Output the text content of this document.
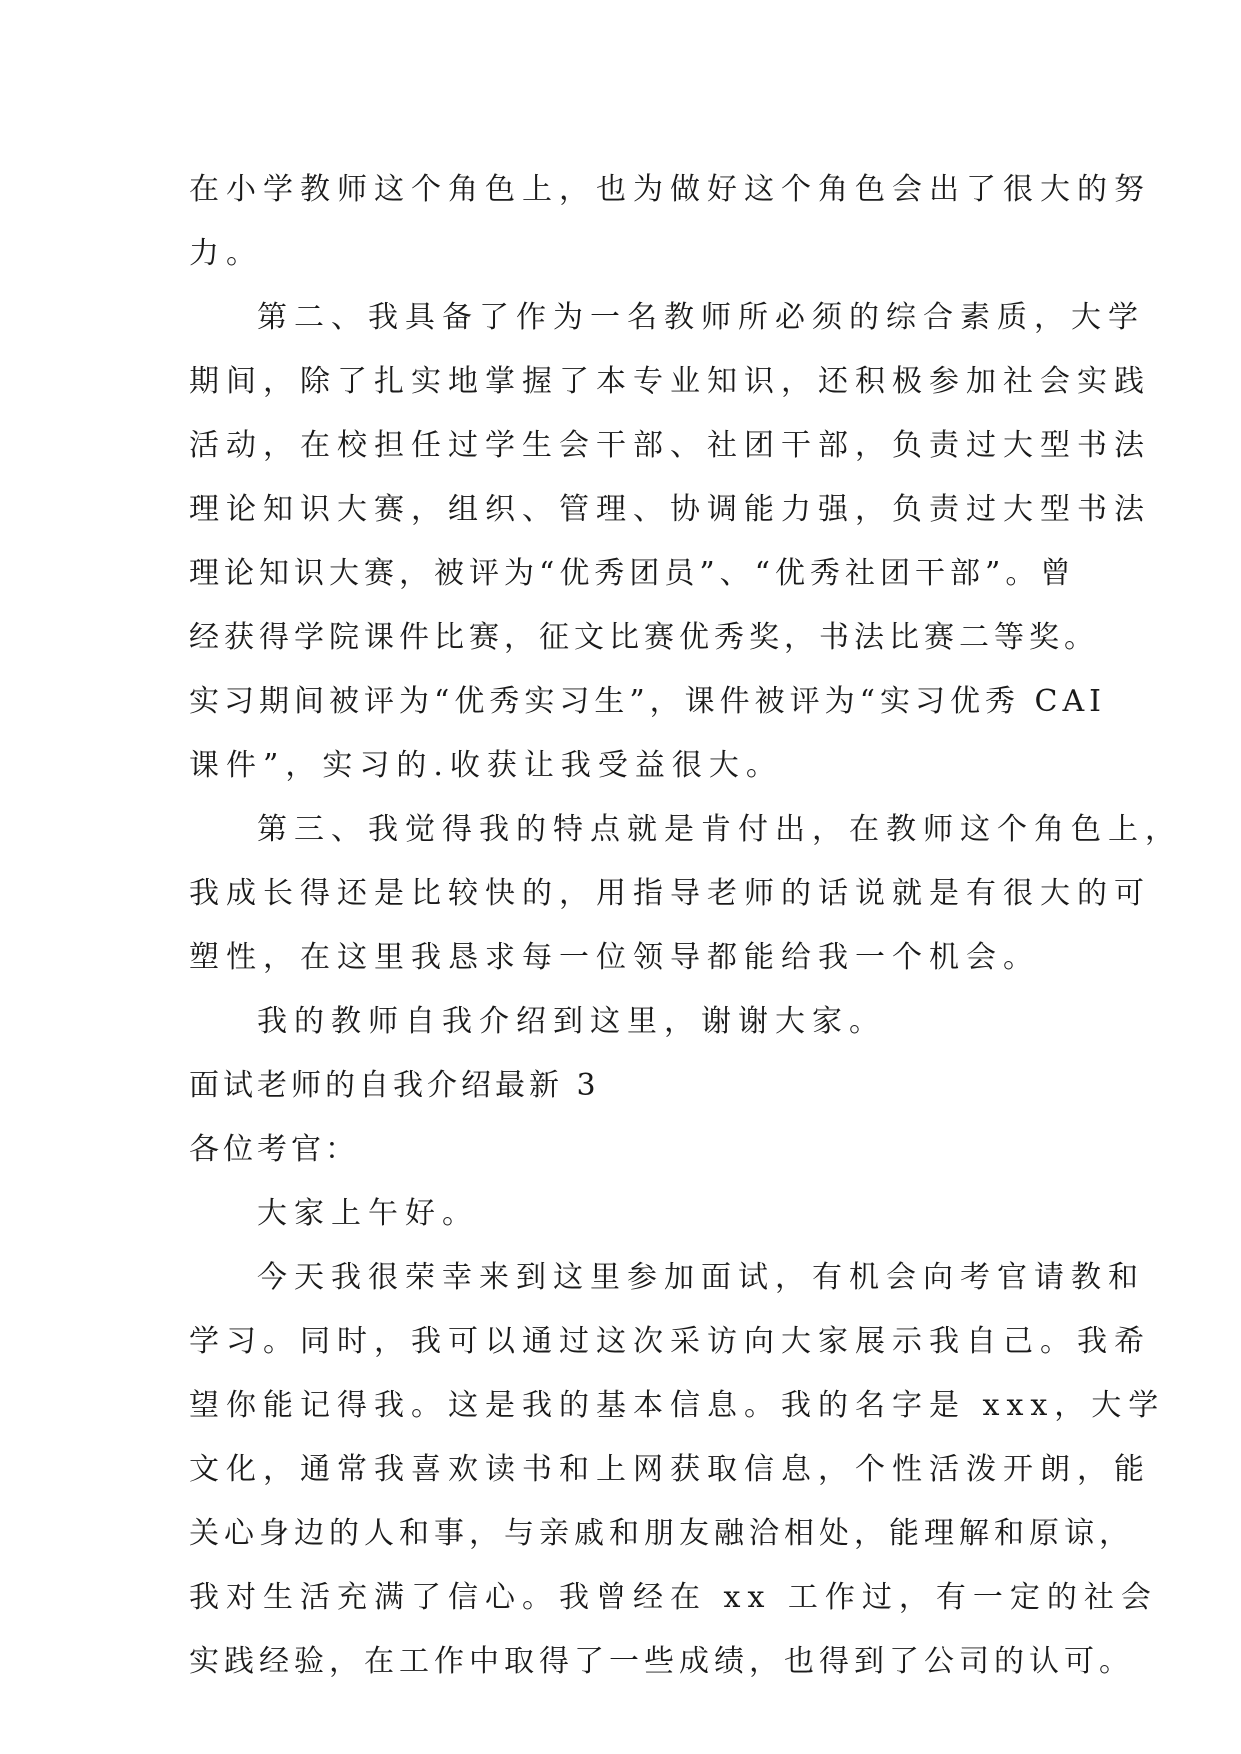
在小学教师这个角色上，也为做好这个角色会出了很大的努
力。
第二、我具备了作为一名教师所必须的综合素质，大学
期间，除了扎实地掌握了本专业知识，还积极参加社会实践
活动，在校担任过学生会干部、社团干部，负责过大型书法
理论知识大赛，组织、管理、协调能力强，负责过大型书法
理论知识大赛，被评为“优秀团员”、“优秀社团干部”。曾
经获得学院课件比赛，征文比赛优秀奖，书法比赛二等奖。
实习期间被评为“优秀实习生”，课件被评为“实习优秀 CAI
课件”，实习的.收获让我受益很大。
第三、我觉得我的特点就是肯付出，在教师这个角色上，
我成长得还是比较快的，用指导老师的话说就是有很大的可
塑性，在这里我恳求每一位领导都能给我一个机会。
我的教师自我介绍到这里，谢谢大家。
面试老师的自我介绍最新 3
各位考官：
大家上午好。
今天我很荣幸来到这里参加面试，有机会向考官请教和
学习。同时，我可以通过这次采访向大家展示我自己。我希
望你能记得我。这是我的基本信息。我的名字是 xxx，大学
文化，通常我喜欢读书和上网获取信息，个性活泼开朗，能
关心身边的人和事，与亲戚和朋友融洽相处，能理解和原谅，
我对生活充满了信心。我曾经在 xx 工作过，有一定的社会
实践经验，在工作中取得了一些成绩，也得到了公司的认可。
